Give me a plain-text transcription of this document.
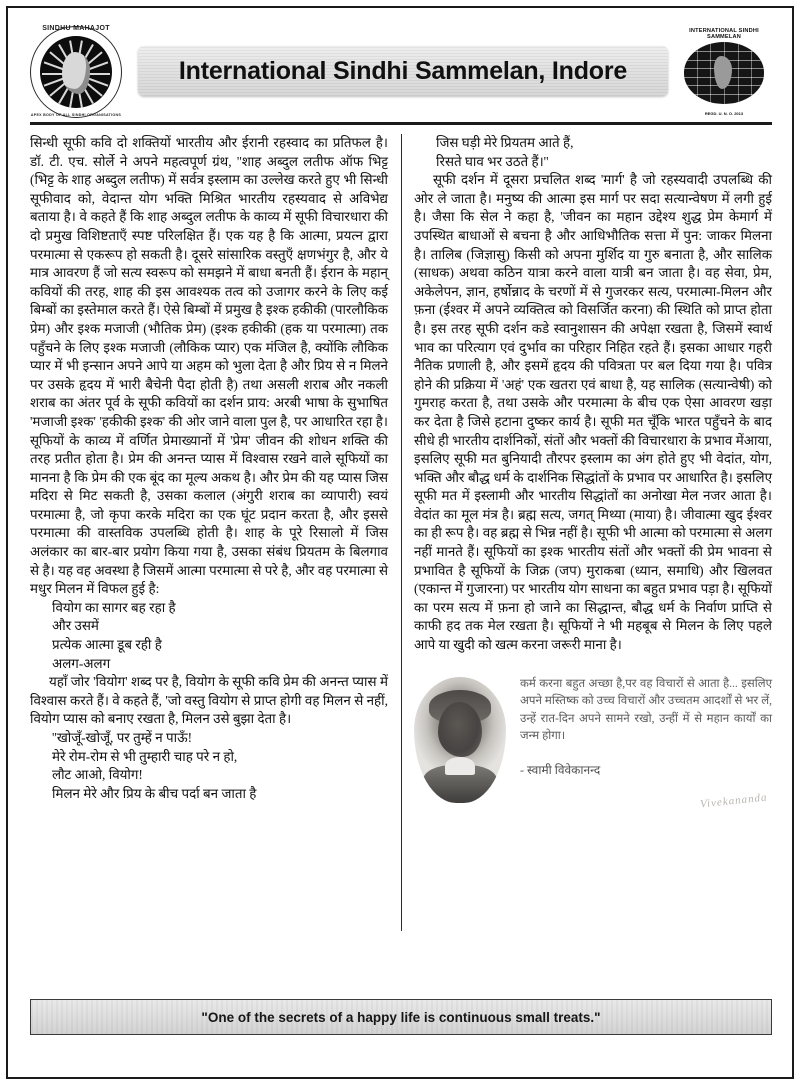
SINDHU MAHAJOT
APEX BODY OF ALL SINDHI ORGANISATIONS
International Sindhi Sammelan, Indore
INTERNATIONAL SINDHI SAMMELAN
REGD. U. N. O. 2013

सिन्धी सूफी कवि दो शक्तियों भारतीय और ईरानी रहस्वाद का प्रतिफल है। डॉ. टी. एच. सोर्ले ने अपने महत्वपूर्ण ग्रंथ, ''शाह अब्दुल लतीफ ऑफ भिट्ट (भिट्ट के शाह अब्दुल लतीफ) में सर्वत्र इस्लाम का उल्लेख करते हुए भी सिन्धी सूफीवाद को, वेदान्त योग भक्ति मिश्रित भारतीय रहस्यवाद से अविभेद्य बताया है। वे कहते हैं कि शाह अब्दुल लतीफ के काव्य में सूफी विचारधारा की दो प्रमुख विशिष्टताएँ स्पष्ट परिलक्षित हैं। एक यह है कि आत्मा, प्रयत्न द्वारा परमात्मा से एकरूप हो सकती है। दूसरे सांसारिक वस्तुएँ क्षणभंगुर है, और ये मात्र आवरण हैं जो सत्य स्वरूप को समझने में बाधा बनती हैं। ईरान के महान् कवियों की तरह, शाह की इस आवश्यक तत्व को उजागर करने के लिए कई बिम्बों का इस्तेमाल करते हैं। ऐसे बिम्बों में प्रमुख है इश्क हकीकी (पारलौकिक प्रेम) और इश्क मजाजी (भौतिक प्रेम) (इश्क हकीकी (हक या परमात्मा) तक पहुँचने के लिए इश्क मजाजी (लौकिक प्यार) एक मंजिल है, क्योंकि लौकिक प्यार में भी इन्सान अपने आपे या अहम को भुला देता है और प्रिय से न मिलने पर उसके हृदय में भारी बैचेनी पैदा होती है) तथा असली शराब और नकली शराब का अंतर पूर्व के सूफी कवियों का दर्शन प्राय: अरबी भाषा के सुभाषित 'मजाजी इश्क' 'हकीकी इश्क' की ओर जाने वाला पुल है, पर आधारित रहा है। सूफियों के काव्य में वर्णित प्रेमाख्यानों में 'प्रेम' जीवन की शोधन शक्ति की तरह प्रतीत होता है। प्रेम की अनन्त प्यास में विश्वास रखने वाले सूफियों का मानना है कि प्रेम की एक बूंद का मूल्य अकथ है। और प्रेम की यह प्यास जिस मदिरा से मिट सकती है, उसका कलाल (अंगुरी शराब का व्यापारी) स्वयं परमात्मा है, जो कृपा करके मदिरा का एक घूंट प्रदान करता है, और इससे परमात्मा की वास्तविक उपलब्धि होती है। शाह के पूरे रिसालो में जिस अलंकार का बार-बार प्रयोग किया गया है, उसका संबंध प्रियतम के बिलगाव से है। यह वह अवस्था है जिसमें आत्मा परमात्मा से परे है, और वह परमात्मा से मधुर मिलन में विफल हुई है:

वियोग का सागर बह रहा है
और उसमें
प्रत्येक आत्मा डूब रही है
अलग-अलग

यहाँ जोर 'वियोग' शब्द पर है, वियोग के सूफी कवि प्रेम की अनन्त प्यास में विश्वास करते हैं। वे कहते हैं, 'जो वस्तु वियोग से प्राप्त होगी वह मिलन से नहीं, वियोग प्यास को बनाए रखता है, मिलन उसे बुझा देता है।

''खोजूँ-खोजूँ, पर तुम्हें न पाऊँ!
मेरे रोम-रोम से भी तुम्हारी चाह परे न हो,
लौट आओ, वियोग!
मिलन मेरे और प्रिय के बीच पर्दा बन जाता है
जिस घड़ी मेरे प्रियतम आते हैं,
रिसते घाव भर उठते हैं।''

सूफी दर्शन में दूसरा प्रचलित शब्द 'मार्ग' है जो रहस्यवादी उपलब्धि की ओर ले जाता है। मनुष्य की आत्मा इस मार्ग पर सदा सत्यान्वेषण में लगी हुई है। जैसा कि सेल ने कहा है, 'जीवन का महान उद्देश्य शुद्ध प्रेम केमार्ग में उपस्थित बाधाओं से बचना है और आधिभौतिक सत्ता में पुन: जाकर मिलना है। तालिब (जिज्ञासु) किसी को अपना मुर्शिद या गुरु बनाता है, और सालिक (साधक) अथवा कठिन यात्रा करने वाला यात्री बन जाता है। वह सेवा, प्रेम, अकेलेपन, ज्ञान, हर्षोन्नाद के चरणों में से गुजरकर सत्य, परमात्मा-मिलन और फ़ना (ईश्वर में अपने व्यक्तित्व को विसर्जित करना) की स्थिति को प्राप्त होता है। इस तरह सूफी दर्शन कडे स्वानुशासन की अपेक्षा रखता है, जिसमें स्वार्थ भाव का परित्याग एवं दुर्भाव का परिहार निहित रहते हैं। इसका आधार गहरी नैतिक प्रणाली है, और इसमें हृदय की पवित्रता पर बल दिया गया है। पवित्र होने की प्रक्रिया में 'अहं' एक खतरा एवं बाधा है, यह सालिक (सत्यान्वेषी) को गुमराह करता है, तथा उसके और परमात्मा के बीच एक ऐसा आवरण खड़ा कर देता है जिसे हटाना दुष्कर कार्य है। सूफी मत चूँकि भारत पहुँचने के बाद सीधे ही भारतीय दार्शनिकों, संतों और भक्तों की विचारधारा के प्रभाव मेंआया, इसलिए सूफी मत बुनियादी तौरपर इस्लाम का अंग होते हुए भी वेदांत, योग, भक्ति और बौद्ध धर्म के दार्शनिक सिद्धांतों के प्रभाव पर आधारित है। इसलिए सूफी मत में इस्लामी और भारतीय सिद्धांतों का अनोखा मेल नजर आता है। वेदांत का मूल मंत्र है। ब्रह्म सत्य, जगत् मिथ्या (माया) है। जीवात्मा खुद ईश्वर का ही रूप है। वह ब्रह्म से भिन्न नहीं है। सूफी भी आत्मा को परमात्मा से अलग नहीं मानते हैं। सूफियों का इश्क भारतीय संतों और भक्तों की प्रेम भावना से प्रभावित है सूफियों के जिक्र (जप) मुराकबा (ध्यान, समाधि) और खिलवत (एकान्त में गुजारना) पर भारतीय योग साधना का बहुत प्रभाव पड़ा है। सूफियों का परम सत्य में फ़ना हो जाने का सिद्धान्त, बौद्ध धर्म के निर्वाण प्राप्ति से काफी हद तक मेल रखता है। सूफियों ने भी महबूब से मिलन के लिए पहले आपे या खुदी को खत्म करना जरूरी माना है।

कर्म करना बहुत अच्छा है,पर वह विचारों से आता है... इसलिए अपने मस्तिष्क को उच्च विचारों और उच्चतम आदर्शों से भर लें, उन्हें रात-दिन अपने सामने रखो, उन्हीं में से महान कार्यों का जन्म होगा।

- स्वामी विवेकानन्द
Vivekananda
"One of the secrets of a happy life is continuous small treats."
